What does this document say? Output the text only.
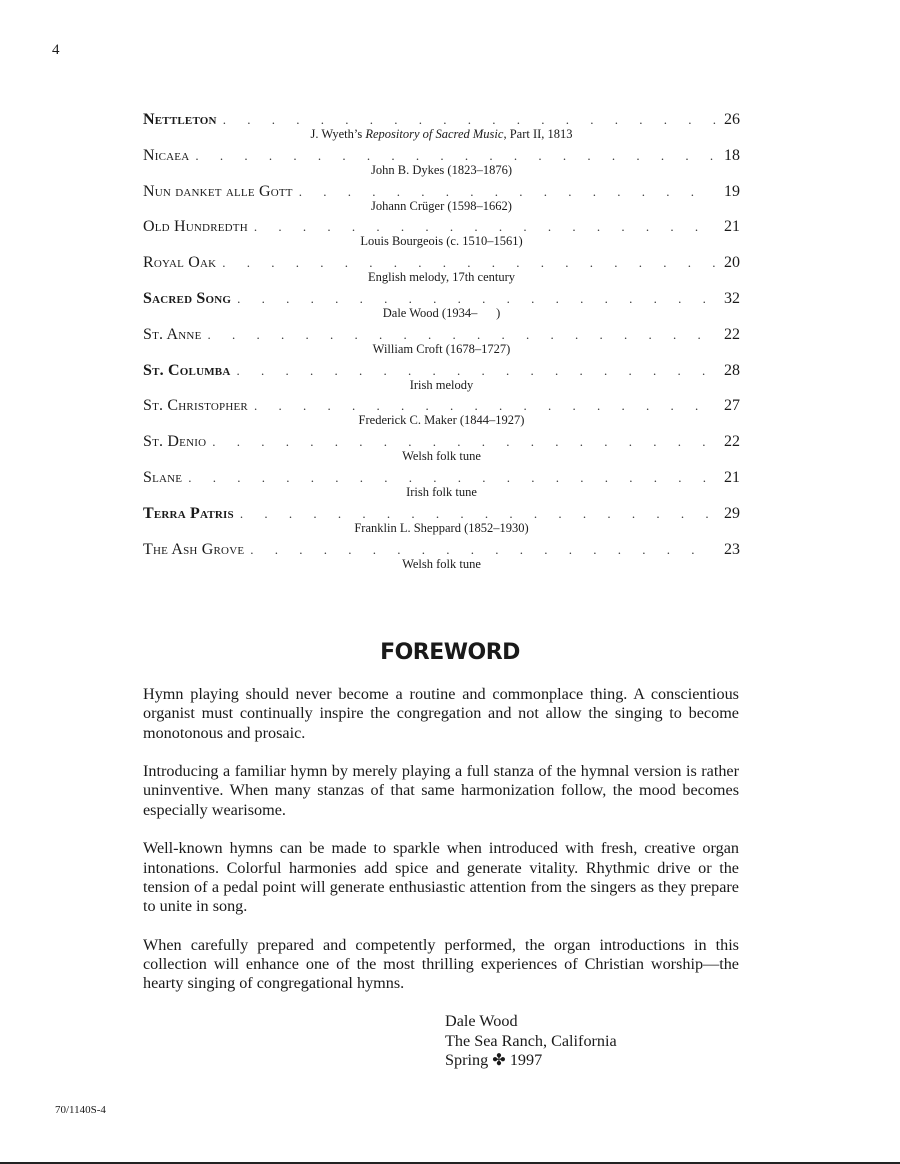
4
Nettleton . . .	26
J. Wyeth’s Repository of Sacred Music, Part II, 1813
Nicaea . . .	18
John B. Dykes (1823–1876)
Nun danket alle Gott . . .	19
Johann Crüger (1598–1662)
Old Hundredth . . .	21
Louis Bourgeois (c. 1510–1561)
Royal Oak . . .	20
English melody, 17th century
Sacred Song . . .	32
Dale Wood (1934–      )
St. Anne . . .	22
William Croft (1678–1727)
St. Columba . . .	28
Irish melody
St. Christopher . . .	27
Frederick C. Maker (1844–1927)
St. Denio . . .	22
Welsh folk tune
Slane . . .	21
Irish folk tune
Terra Patris . . .	29
Franklin L. Sheppard (1852–1930)
The Ash Grove . . .	23
Welsh folk tune
FOREWORD

Hymn playing should never become a routine and commonplace thing. A conscientious organist must continually inspire the congregation and not allow the singing to become monotonous and prosaic.

Introducing a familiar hymn by merely playing a full stanza of the hymnal version is rather uninventive. When many stanzas of that same harmonization follow, the mood becomes especially wearisome.

Well-known hymns can be made to sparkle when introduced with fresh, creative organ intonations. Colorful harmonies add spice and generate vitality. Rhythmic drive or the tension of a pedal point will generate enthusiastic attention from the singers as they prepare to unite in song.

When carefully prepared and competently performed, the organ introductions in this collection will enhance one of the most thrilling experiences of Christian worship—the hearty singing of congregational hymns.

Dale Wood
The Sea Ranch, California
Spring ✤ 1997
70/1140S-4
